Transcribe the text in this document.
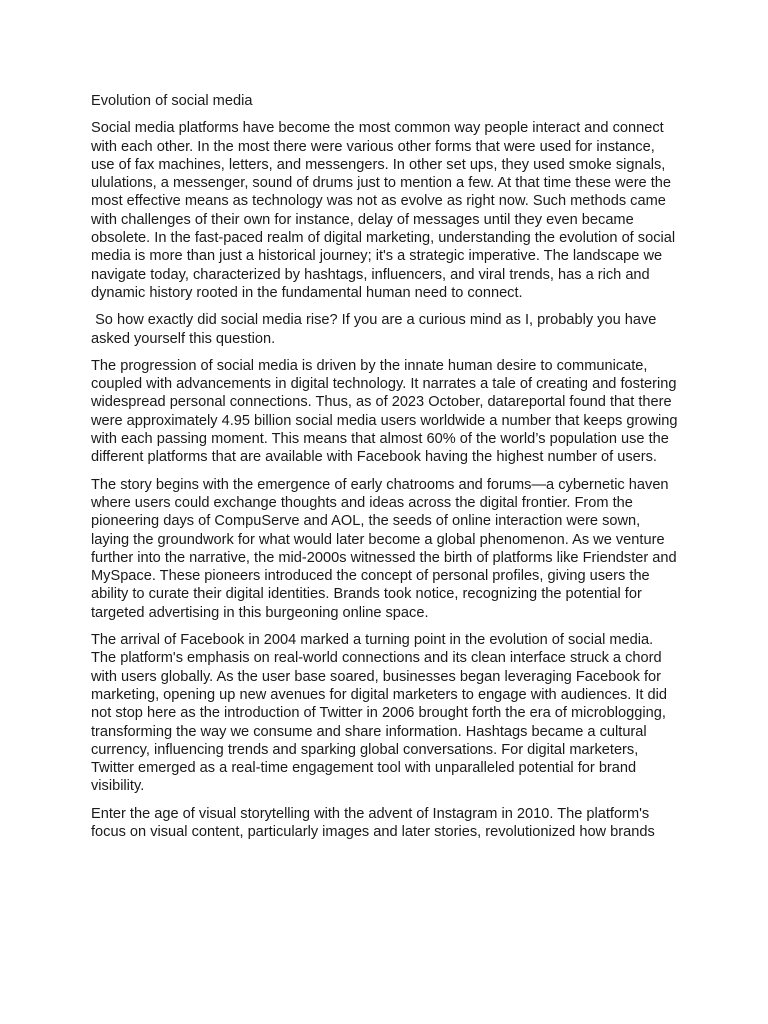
Evolution of social media

Social media platforms have become the most common way people interact and connect with each other. In the most there were various other forms that were used for instance, use of fax machines, letters, and messengers. In other set ups, they used smoke signals, ululations, a messenger, sound of drums just to mention a few. At that time these were the most effective means as technology was not as evolve as right now. Such methods came with challenges of their own for instance, delay of messages until they even became obsolete. In the fast-paced realm of digital marketing, understanding the evolution of social media is more than just a historical journey; it's a strategic imperative. The landscape we navigate today, characterized by hashtags, influencers, and viral trends, has a rich and dynamic history rooted in the fundamental human need to connect.

So how exactly did social media rise? If you are a curious mind as I, probably you have asked yourself this question.

The progression of social media is driven by the innate human desire to communicate, coupled with advancements in digital technology. It narrates a tale of creating and fostering widespread personal connections. Thus, as of 2023 October, datareportal found that there were approximately 4.95 billion social media users worldwide a number that keeps growing with each passing moment. This means that almost 60% of the world’s population use the different platforms that are available with Facebook having the highest number of users.

The story begins with the emergence of early chatrooms and forums—a cybernetic haven where users could exchange thoughts and ideas across the digital frontier. From the pioneering days of CompuServe and AOL, the seeds of online interaction were sown, laying the groundwork for what would later become a global phenomenon. As we venture further into the narrative, the mid-2000s witnessed the birth of platforms like Friendster and MySpace. These pioneers introduced the concept of personal profiles, giving users the ability to curate their digital identities. Brands took notice, recognizing the potential for targeted advertising in this burgeoning online space.

The arrival of Facebook in 2004 marked a turning point in the evolution of social media. The platform's emphasis on real-world connections and its clean interface struck a chord with users globally. As the user base soared, businesses began leveraging Facebook for marketing, opening up new avenues for digital marketers to engage with audiences. It did not stop here as the introduction of Twitter in 2006 brought forth the era of microblogging, transforming the way we consume and share information. Hashtags became a cultural currency, influencing trends and sparking global conversations. For digital marketers, Twitter emerged as a real-time engagement tool with unparalleled potential for brand visibility.

Enter the age of visual storytelling with the advent of Instagram in 2010. The platform's focus on visual content, particularly images and later stories, revolutionized how brands
